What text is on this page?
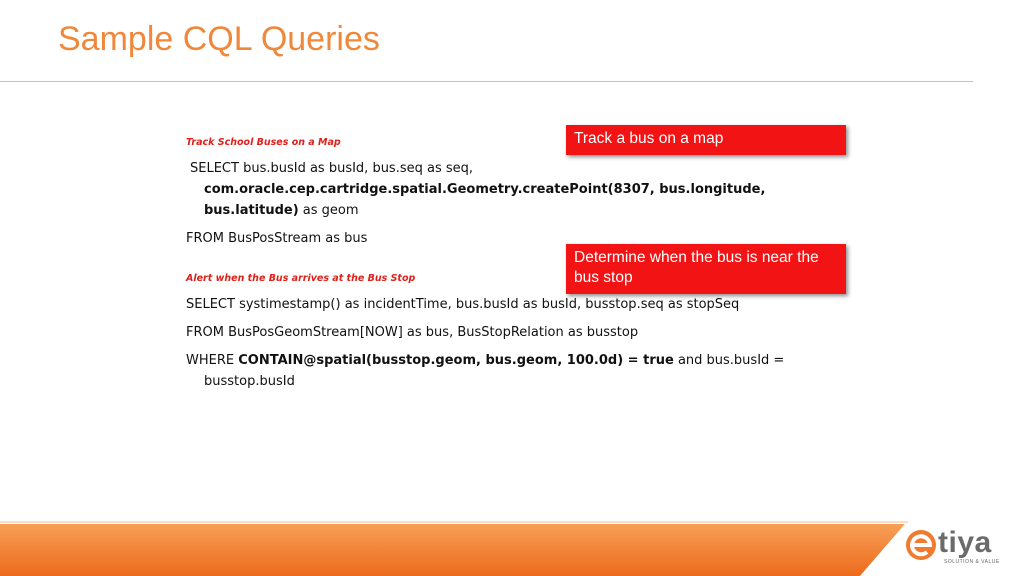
Sample CQL Queries

Track School Buses on a Map

SELECT bus.busId as busId, bus.seq as seq,

com.oracle.cep.cartridge.spatial.Geometry.createPoint(8307, bus.longitude,

bus.latitude) as geom

FROM BusPosStream as bus

Alert when the Bus arrives at the Bus Stop

SELECT systimestamp() as incidentTime, bus.busId as busId, busstop.seq as stopSeq

FROM BusPosGeomStream[NOW] as bus, BusStopRelation as busstop

WHERE CONTAIN@spatial(busstop.geom, bus.geom, 100.0d) = true and bus.busId =

busstop.busId

Track a bus on a map
Determine when the bus is near the bus stop
tiya
SOLUTION & VALUE
